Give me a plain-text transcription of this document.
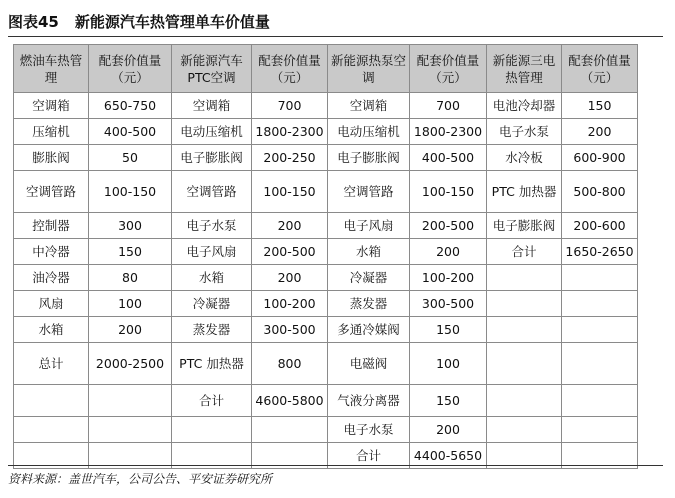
图表45 新能源汽车热管理单车价值量
燃油车热管理	配套价值量（元）	新能源汽车PTC空调	配套价值量（元）	新能源热泵空调	配套价值量（元）	新能源三电热管理	配套价值量（元）
空调箱	650-750	空调箱	700	空调箱	700	电池冷却器	150
压缩机	400-500	电动压缩机	1800-2300	电动压缩机	1800-2300	电子水泵	200
膨胀阀	50	电子膨胀阀	200-250	电子膨胀阀	400-500	水冷板	600-900
空调管路	100-150	空调管路	100-150	空调管路	100-150	PTC 加热器	500-800
控制器	300	电子水泵	200	电子风扇	200-500	电子膨胀阀	200-600
中冷器	150	电子风扇	200-500	水箱	200	合计	1650-2650
油冷器	80	水箱	200	冷凝器	100-200		
风扇	100	冷凝器	100-200	蒸发器	300-500		
水箱	200	蒸发器	300-500	多通冷媒阀	150		
总计	2000-2500	PTC 加热器	800	电磁阀	100		
		合计	4600-5800	气液分离器	150		
				电子水泵	200		
				合计	4400-5650		
资料来源：盖世汽车，公司公告、平安证券研究所
